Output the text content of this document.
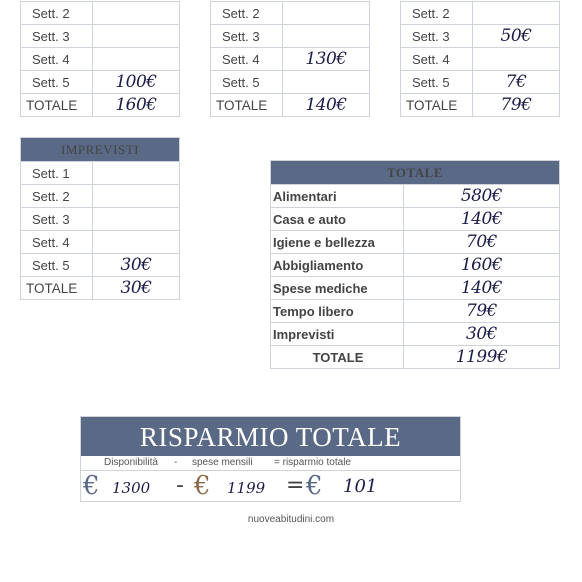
Sett. 2	
Sett. 3	
Sett. 4	
Sett. 5	100€
TOTALE	160€
Sett. 2	
Sett. 3	
Sett. 4	130€
Sett. 5	
TOTALE	140€
Sett. 2	
Sett. 3	50€
Sett. 4	
Sett. 5	7€
TOTALE	79€
IMPREVISTI	
Sett. 1	
Sett. 2	
Sett. 3	
Sett. 4	
Sett. 5	30€
TOTALE	30€
TOTALE	
Alimentari	580€
Casa e auto	140€
Igiene e bellezza	70€
Abbigliamento	160€
Spese mediche	140€
Tempo libero	79€
Imprevisti	30€
TOTALE	1199€
RISPARMIO TOTALE
Disponibilità - spese mensili = risparmio totale
€ 1300 - € 1199 = € 101
nuoveabitudini.com
